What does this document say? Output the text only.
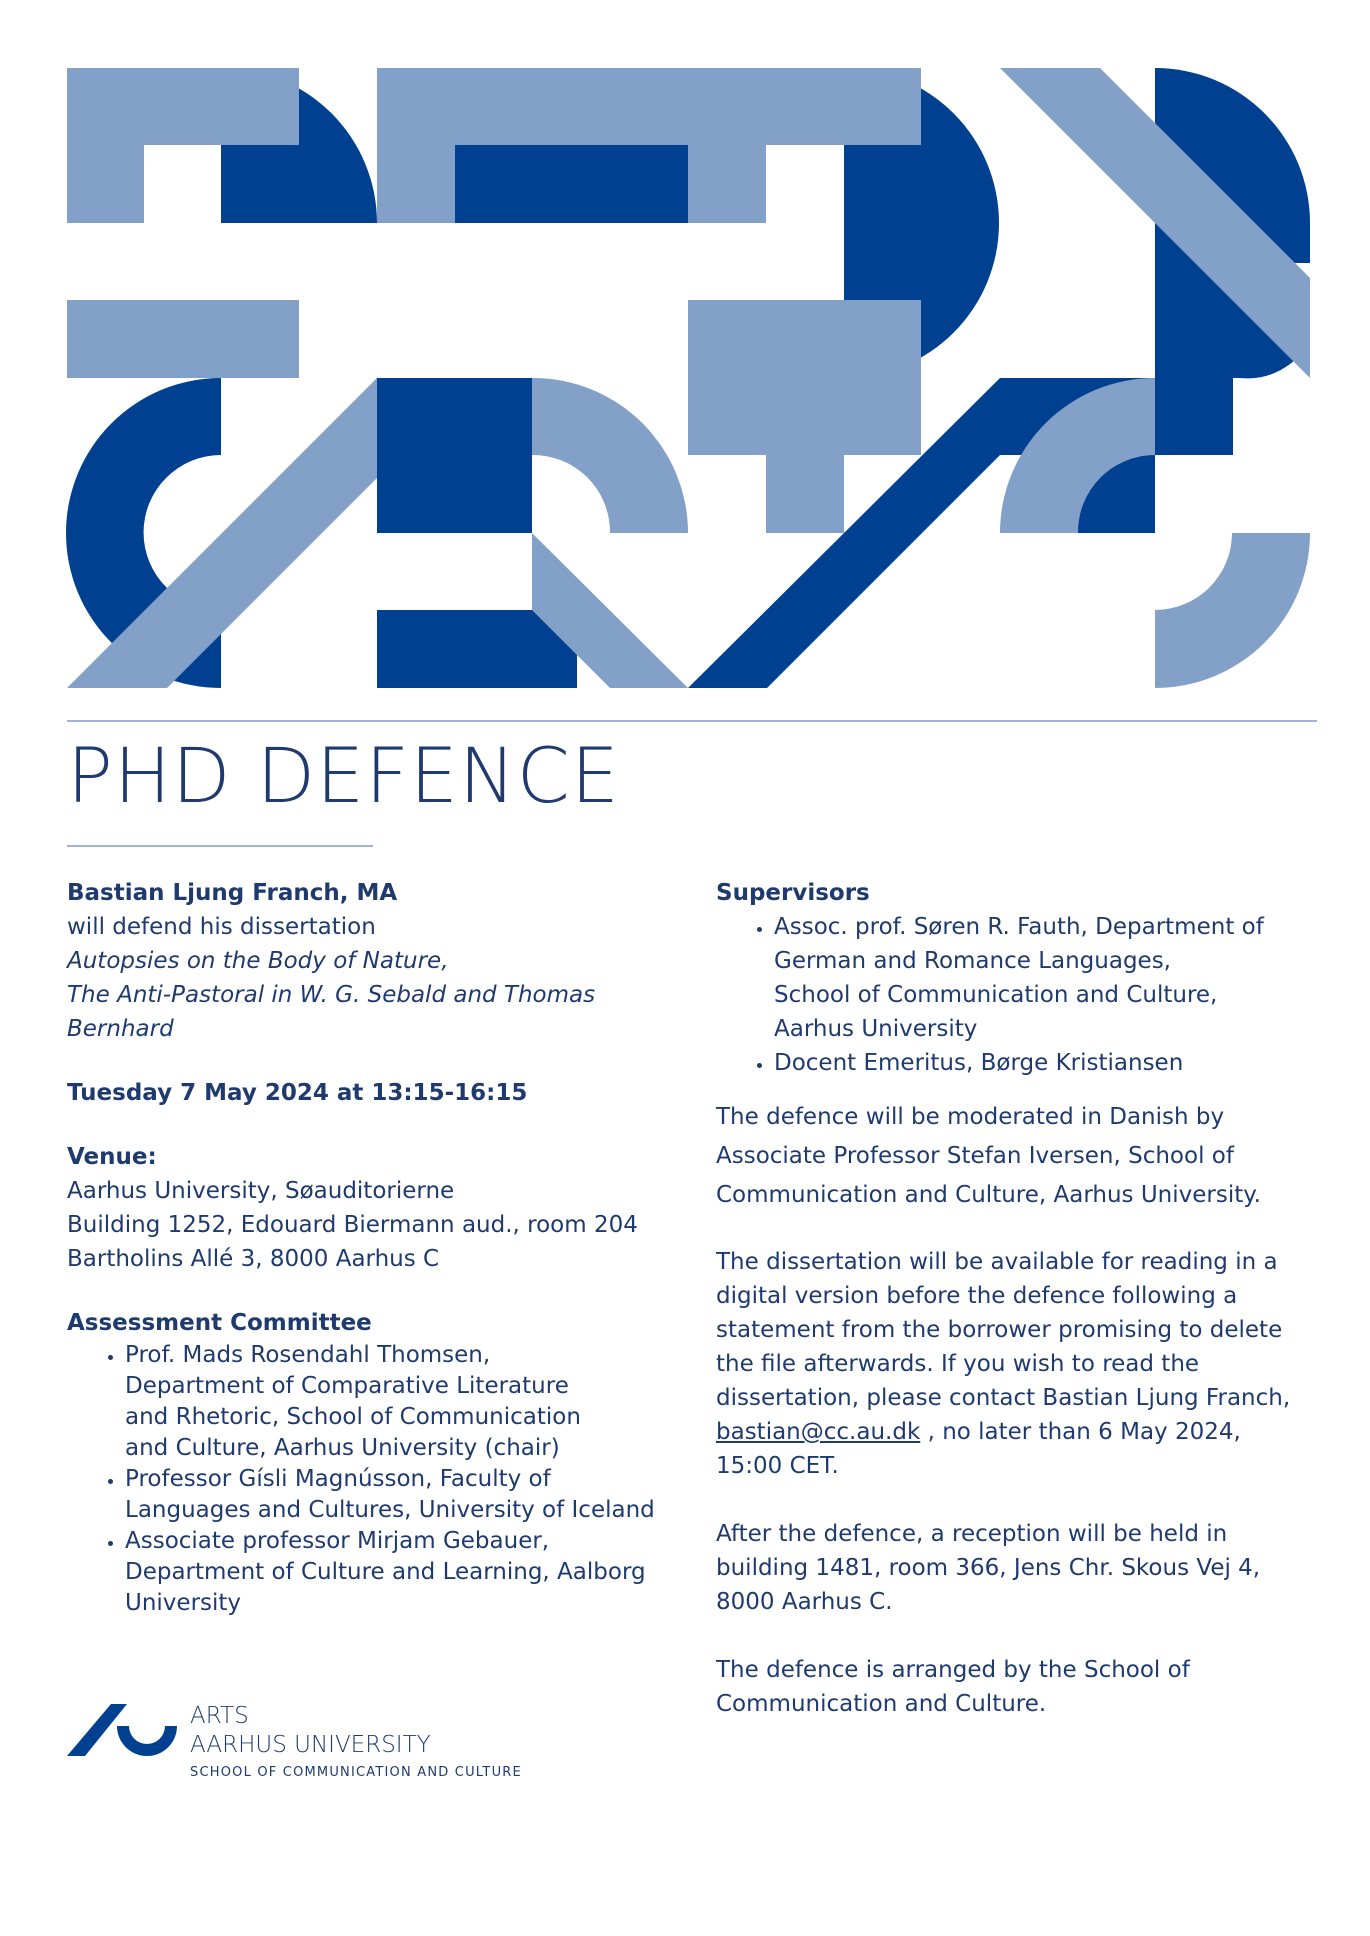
PHD DEFENCE
Bastian Ljung Franch, MA
will defend his dissertation
Autopsies on the Body of Nature,
The Anti-Pastoral in W. G. Sebald and Thomas
Bernhard
Tuesday 7 May 2024 at 13:15-16:15
Venue:
Aarhus University, Søauditorierne
Building 1252, Edouard Biermann aud., room 204
Bartholins Allé 3, 8000 Aarhus C
Assessment Committee
• Prof. Mads Rosendahl Thomsen,
Department of Comparative Literature
and Rhetoric, School of Communication
and Culture, Aarhus University (chair)
• Professor Gísli Magnússon, Faculty of
Languages and Cultures, University of Iceland
• Associate professor Mirjam Gebauer,
Department of Culture and Learning, Aalborg
University
Supervisors
• Assoc. prof. Søren R. Fauth, Department of
German and Romance Languages,
School of Communication and Culture,
Aarhus University
• Docent Emeritus, Børge Kristiansen
The defence will be moderated in Danish by
Associate Professor Stefan Iversen, School of
Communication and Culture, Aarhus University.
The dissertation will be available for reading in a
digital version before the defence following a
statement from the borrower promising to delete
the file afterwards. If you wish to read the
dissertation, please contact Bastian Ljung Franch,
bastian@cc.au.dk , no later than 6 May 2024,
15:00 CET.
After the defence, a reception will be held in
building 1481, room 366, Jens Chr. Skous Vej 4,
8000 Aarhus C.
The defence is arranged by the School of
Communication and Culture.
ARTS
AARHUS UNIVERSITY
SCHOOL OF COMMUNICATION AND CULTURE
